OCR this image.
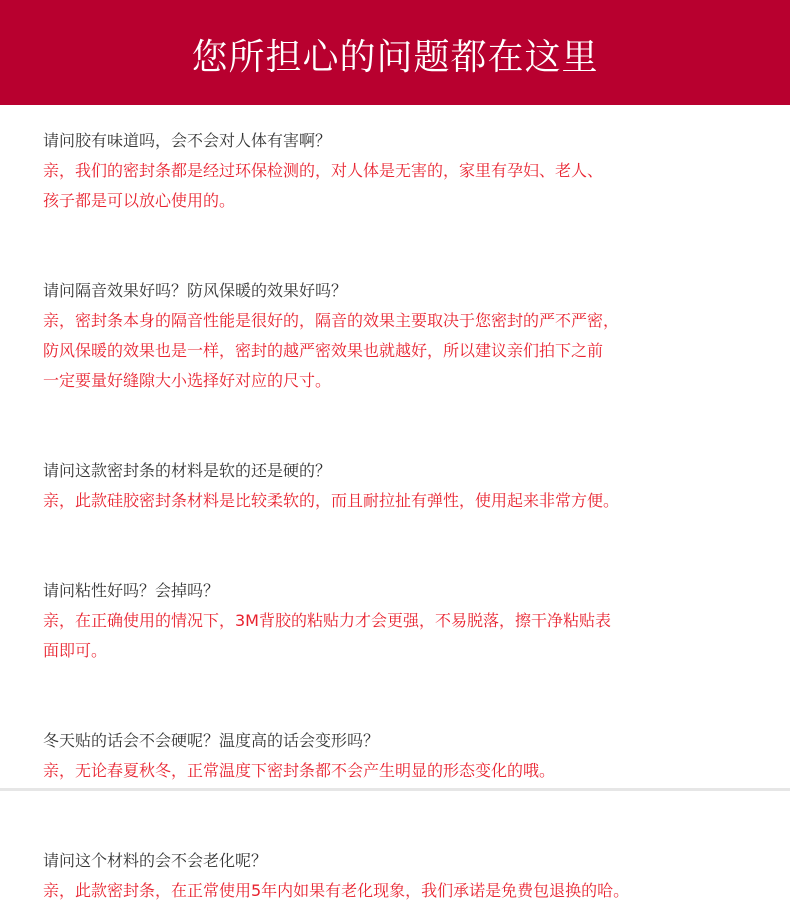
您所担心的问题都在这里

请问胶有味道吗，会不会对人体有害啊？

亲，我们的密封条都是经过环保检测的，对人体是无害的，家里有孕妇、老人、

孩子都是可以放心使用的。

请问隔音效果好吗？防风保暖的效果好吗？

亲，密封条本身的隔音性能是很好的，隔音的效果主要取决于您密封的严不严密，

防风保暖的效果也是一样，密封的越严密效果也就越好，所以建议亲们拍下之前

一定要量好缝隙大小选择好对应的尺寸。

请问这款密封条的材料是软的还是硬的？

亲，此款硅胶密封条材料是比较柔软的，而且耐拉扯有弹性，使用起来非常方便。

请问粘性好吗？会掉吗？

亲，在正确使用的情况下，3M背胶的粘贴力才会更强，不易脱落，擦干净粘贴表

面即可。

冬天贴的话会不会硬呢？温度高的话会变形吗？

亲，无论春夏秋冬，正常温度下密封条都不会产生明显的形态变化的哦。

请问这个材料的会不会老化呢？

亲，此款密封条，在正常使用5年内如果有老化现象，我们承诺是免费包退换的哈。
